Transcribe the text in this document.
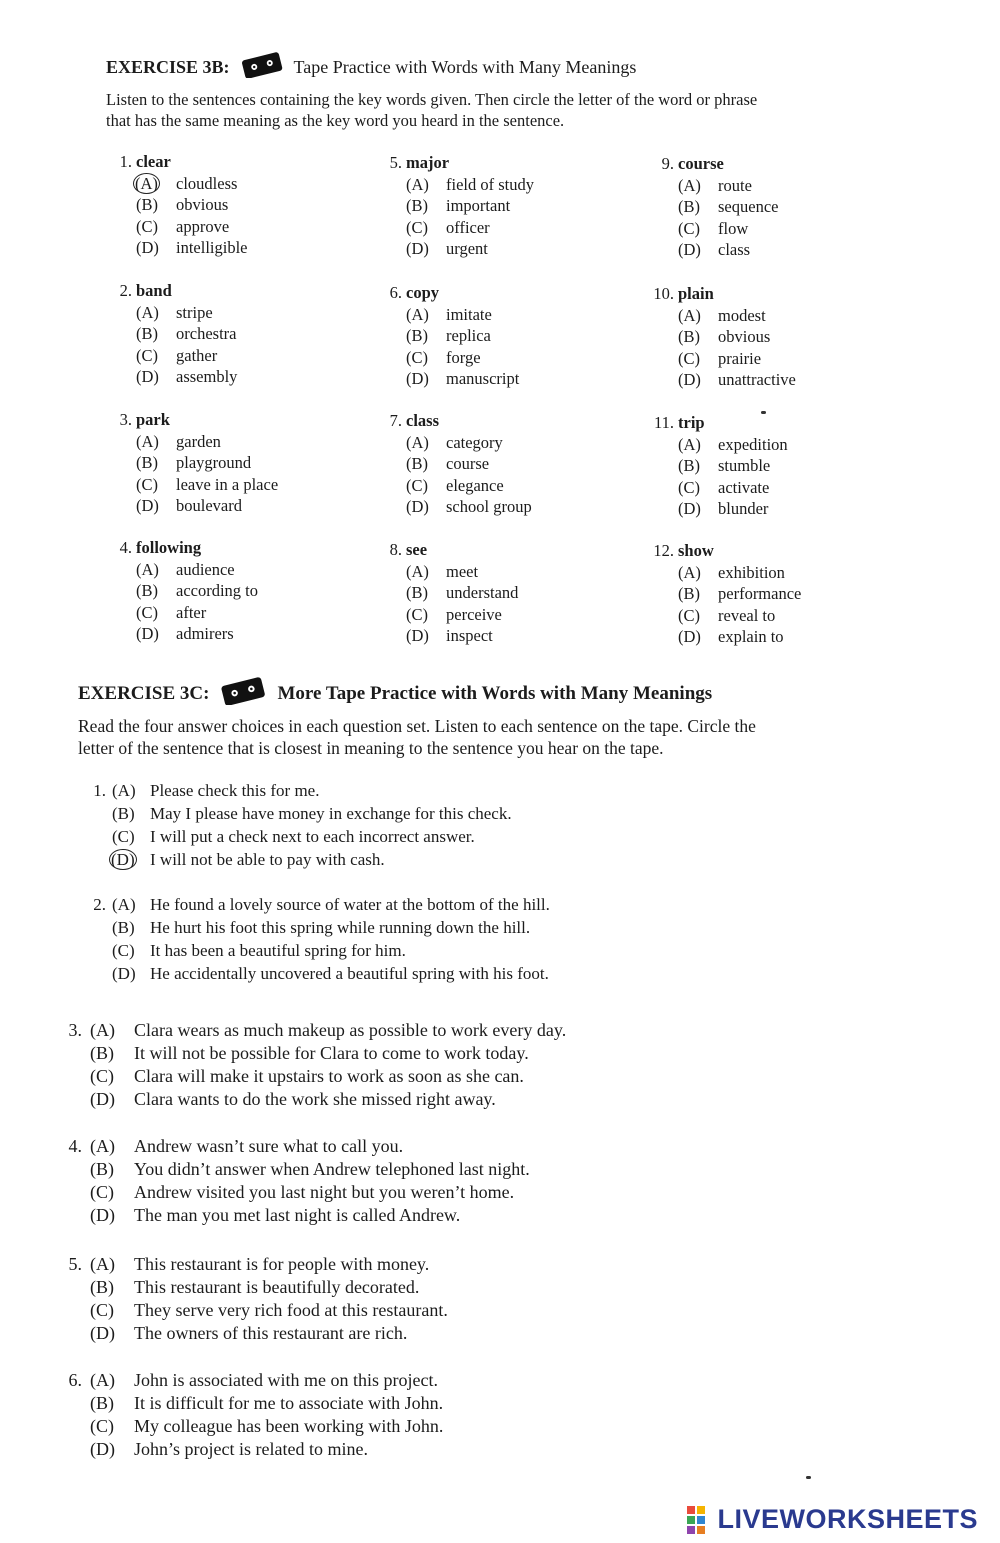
EXERCISE 3B:	Tape Practice with Words with Many Meanings
Listen to the sentences containing the key words given. Then circle the letter of the word or phrase
that has the same meaning as the key word you heard in the sentence.
1. clear
(A) cloudless
(B) obvious
(C) approve
(D) intelligible
2. band
(A) stripe
(B) orchestra
(C) gather
(D) assembly
3. park
(A) garden
(B) playground
(C) leave in a place
(D) boulevard
4. following
(A) audience
(B) according to
(C) after
(D) admirers
5. major
(A) field of study
(B) important
(C) officer
(D) urgent
6. copy
(A) imitate
(B) replica
(C) forge
(D) manuscript
7. class
(A) category
(B) course
(C) elegance
(D) school group
8. see
(A) meet
(B) understand
(C) perceive
(D) inspect
9. course
(A) route
(B) sequence
(C) flow
(D) class
10. plain
(A) modest
(B) obvious
(C) prairie
(D) unattractive
11. trip
(A) expedition
(B) stumble
(C) activate
(D) blunder
12. show
(A) exhibition
(B) performance
(C) reveal to
(D) explain to
EXERCISE 3C:	More Tape Practice with Words with Many Meanings
Read the four answer choices in each question set. Listen to each sentence on the tape. Circle the
letter of the sentence that is closest in meaning to the sentence you hear on the tape.
1. (A) Please check this for me.
(B) May I please have money in exchange for this check.
(C) I will put a check next to each incorrect answer.
(D) I will not be able to pay with cash.
2. (A) He found a lovely source of water at the bottom of the hill.
(B) He hurt his foot this spring while running down the hill.
(C) It has been a beautiful spring for him.
(D) He accidentally uncovered a beautiful spring with his foot.
3. (A)	Clara wears as much makeup as possible to work every day.
(B)	It will not be possible for Clara to come to work today.
(C)	Clara will make it upstairs to work as soon as she can.
(D)	Clara wants to do the work she missed right away.
4. (A)	Andrew wasn’t sure what to call you.
(B)	You didn’t answer when Andrew telephoned last night.
(C)	Andrew visited you last night but you weren’t home.
(D)	The man you met last night is called Andrew.
5. (A)	This restaurant is for people with money.
(B)	This restaurant is beautifully decorated.
(C)	They serve very rich food at this restaurant.
(D)	The owners of this restaurant are rich.
6. (A)	John is associated with me on this project.
(B)	It is difficult for me to associate with John.
(C)	My colleague has been working with John.
(D)	John’s project is related to mine.
LIVEWORKSHEETS
